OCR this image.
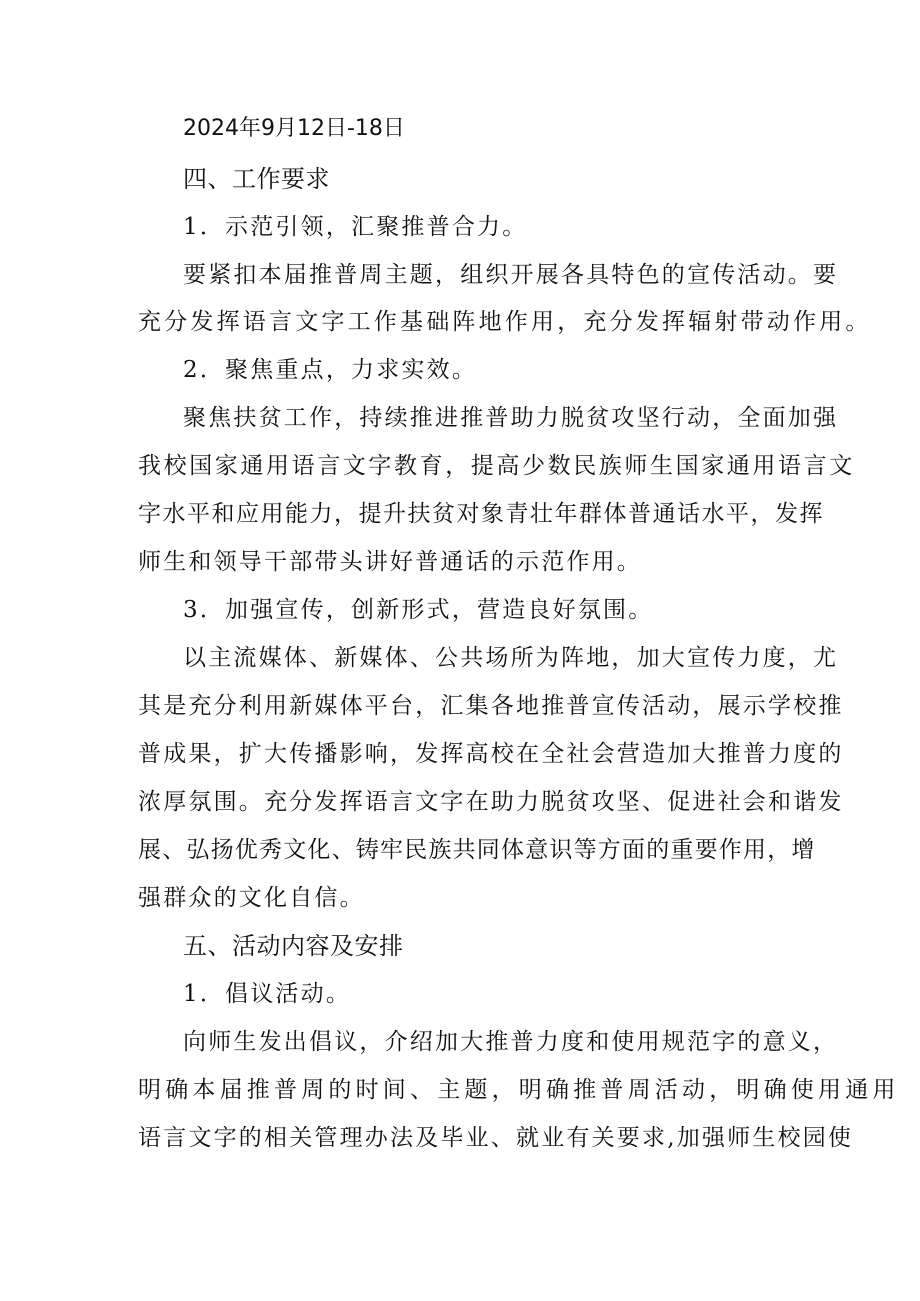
2024年9月12日-18日

四、工作要求

1．示范引领，汇聚推普合力。

要紧扣本届推普周主题，组织开展各具特色的宣传活动。要

充分发挥语言文字工作基础阵地作用，充分发挥辐射带动作用。

2．聚焦重点，力求实效。

聚焦扶贫工作，持续推进推普助力脱贫攻坚行动，全面加强

我校国家通用语言文字教育，提高少数民族师生国家通用语言文

字水平和应用能力，提升扶贫对象青壮年群体普通话水平，发挥

师生和领导干部带头讲好普通话的示范作用。

3．加强宣传，创新形式，营造良好氛围。

以主流媒体、新媒体、公共场所为阵地，加大宣传力度，尤

其是充分利用新媒体平台，汇集各地推普宣传活动，展示学校推

普成果，扩大传播影响，发挥高校在全社会营造加大推普力度的

浓厚氛围。充分发挥语言文字在助力脱贫攻坚、促进社会和谐发

展、弘扬优秀文化、铸牢民族共同体意识等方面的重要作用，增

强群众的文化自信。

五、活动内容及安排

1．倡议活动。

向师生发出倡议，介绍加大推普力度和使用规范字的意义，

明确本届推普周的时间、主题，明确推普周活动，明确使用通用

语言文字的相关管理办法及毕业、就业有关要求,加强师生校园使
